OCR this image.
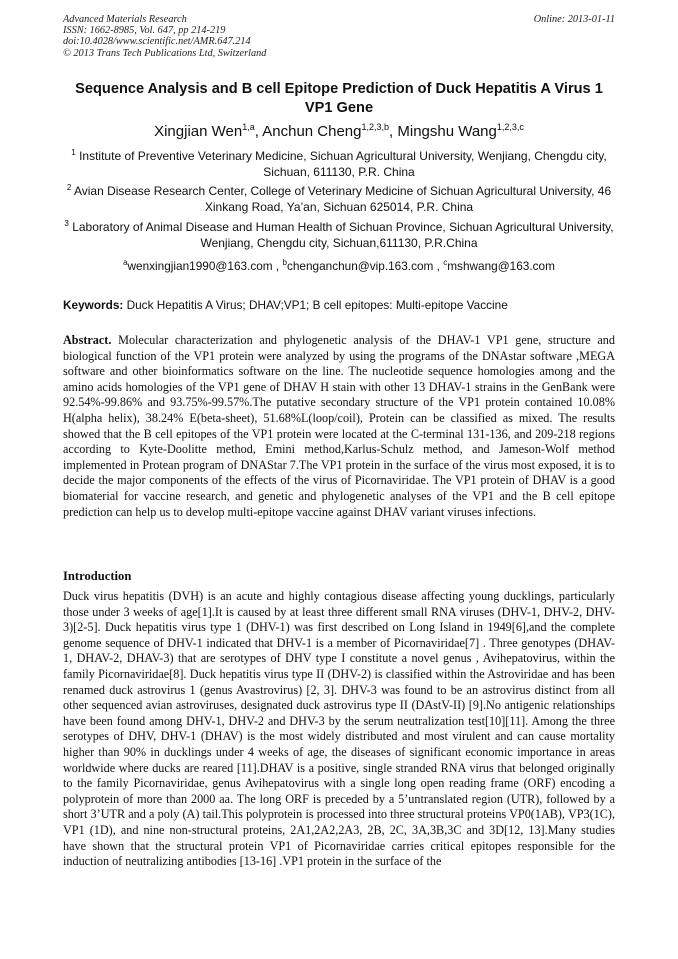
Advanced Materials Research
ISSN: 1662-8985, Vol. 647, pp 214-219
doi:10.4028/www.scientific.net/AMR.647.214
© 2013 Trans Tech Publications Ltd, Switzerland
Online: 2013-01-11
Sequence Analysis and B cell Epitope Prediction of Duck Hepatitis A Virus 1 VP1 Gene
Xingjian Wen$^{1,a}$, Anchun Cheng$^{1,2,3,b}$, Mingshu Wang$^{1,2,3,c}$
$^1$ Institute of Preventive Veterinary Medicine, Sichuan Agricultural University, Wenjiang, Chengdu city, Sichuan, 611130, P.R. China
$^2$ Avian Disease Research Center, College of Veterinary Medicine of Sichuan Agricultural University, 46 Xinkang Road, Ya’an, Sichuan 625014, P.R. China
$^3$ Laboratory of Animal Disease and Human Health of Sichuan Province, Sichuan Agricultural University, Wenjiang, Chengdu city, Sichuan,611130, P.R.China
$^a$wenxingjian1990@163.com , $^b$chenganchun@vip.163.com , $^c$mshwang@163.com
Keywords: Duck Hepatitis A Virus; DHAV;VP1; B cell epitopes: Multi-epitope Vaccine
Abstract. Molecular characterization and phylogenetic analysis of the DHAV-1 VP1 gene, structure and biological function of the VP1 protein were analyzed by using the programs of the DNAstar software ,MEGA software and other bioinformatics software on the line. The nucleotide sequence homologies among and the amino acids homologies of the VP1 gene of DHAV H stain with other 13 DHAV-1 strains in the GenBank were 92.54%-99.86% and 93.75%-99.57%.The putative secondary structure of the VP1 protein contained 10.08% H(alpha helix), 38.24% E(beta-sheet), 51.68%L(loop/coil), Protein can be classified as mixed. The results showed that the B cell epitopes of the VP1 protein were located at the C-terminal 131-136, and 209-218 regions according to Kyte-Doolitte method, Emini method,Karlus-Schulz method, and Jameson-Wolf method implemented in Protean program of DNAStar 7.The VP1 protein in the surface of the virus most exposed, it is to decide the major components of the effects of the virus of Picornaviridae. The VP1 protein of DHAV is a good biomaterial for vaccine research, and genetic and phylogenetic analyses of the VP1 and the B cell epitope prediction can help us to develop multi-epitope vaccine against DHAV variant viruses infections.
Introduction
Duck virus hepatitis (DVH) is an acute and highly contagious disease affecting young ducklings, particularly those under 3 weeks of age[1].It is caused by at least three different small RNA viruses (DHV-1, DHV-2, DHV-3)[2-5]. Duck hepatitis virus type 1 (DHV-1) was first described on Long Island in 1949[6],and the complete genome sequence of DHV-1 indicated that DHV-1 is a member of Picornaviridae[7] . Three genotypes (DHAV-1, DHAV-2, DHAV-3) that are serotypes of DHV type I constitute a novel genus , Avihepatovirus, within the family Picornaviridae[8]. Duck hepatitis virus type II (DHV-2) is classified within the Astroviridae and has been renamed duck astrovirus 1 (genus Avastrovirus) [2, 3]. DHV-3 was found to be an astrovirus distinct from all other sequenced avian astroviruses, designated duck astrovirus type II (DAstV-II) [9].No antigenic relationships have been found among DHV-1, DHV-2 and DHV-3 by the serum neutralization test[10][11]. Among the three serotypes of DHV, DHV-1 (DHAV) is the most widely distributed and most virulent and can cause mortality higher than 90% in ducklings under 4 weeks of age, the diseases of significant economic importance in areas worldwide where ducks are reared [11].DHAV is a positive, single stranded RNA virus that belonged originally to the family Picornaviridae, genus Avihepatovirus with a single long open reading frame (ORF) encoding a polyprotein of more than 2000 aa. The long ORF is preceded by a 5’untranslated region (UTR), followed by a short 3’UTR and a poly (A) tail.This polyprotein is processed into three structural proteins VP0(1AB), VP3(1C), VP1 (1D), and nine non-structural proteins, 2A1,2A2,2A3, 2B, 2C, 3A,3B,3C and 3D[12, 13].Many studies have shown that the structural protein VP1 of Picornaviridae carries critical epitopes responsible for the induction of neutralizing antibodies [13-16] .VP1 protein in the surface of the
